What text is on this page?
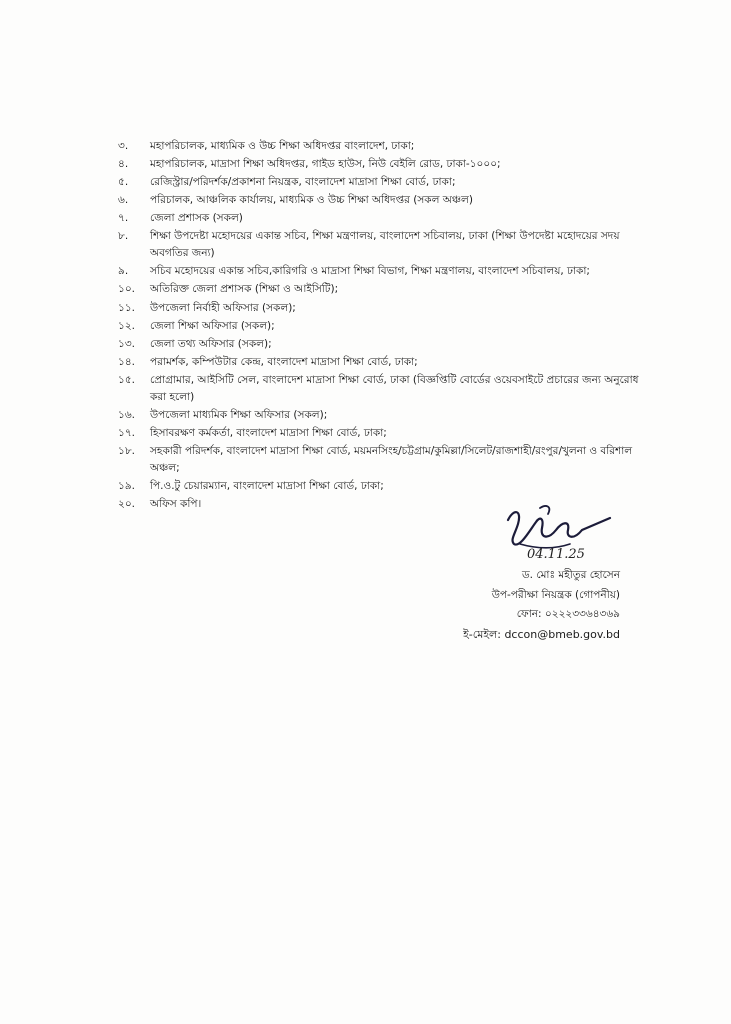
৩.	মহাপরিচালক, মাধ্যমিক ও উচ্চ শিক্ষা অধিদপ্তর বাংলাদেশ, ঢাকা;
৪.	মহাপরিচালক, মাদ্রাসা শিক্ষা অধিদপ্তর, গাইড হাউস, নিউ বেইলি রোড, ঢাকা-১০০০;
৫.	রেজিস্ট্রার/পরিদর্শক/প্রকাশনা নিয়ন্ত্রক, বাংলাদেশ মাদ্রাসা শিক্ষা বোর্ড, ঢাকা;
৬.	পরিচালক, আঞ্চলিক কার্যালয়, মাধ্যমিক ও উচ্চ শিক্ষা অধিদপ্তর (সকল অঞ্চল)
৭.	জেলা প্রশাসক (সকল)
৮.	শিক্ষা উপদেষ্টা মহোদয়ের একান্ত সচিব, শিক্ষা মন্ত্রণালয়, বাংলাদেশ সচিবালয়, ঢাকা (শিক্ষা উপদেষ্টা মহোদয়ের সদয় অবগতির জন্য)
৯.	সচিব মহোদয়ের একান্ত সচিব,কারিগরি ও মাদ্রাসা শিক্ষা বিভাগ, শিক্ষা মন্ত্রণালয়, বাংলাদেশ সচিবালয়, ঢাকা;
১০.	অতিরিক্ত জেলা প্রশাসক (শিক্ষা ও আইসিটি);
১১.	উপজেলা নির্বাহী অফিসার (সকল);
১২.	জেলা শিক্ষা অফিসার (সকল);
১৩.	জেলা তথ্য অফিসার (সকল);
১৪.	পরামর্শক, কম্পিউটার কেন্দ্র, বাংলাদেশ মাদ্রাসা শিক্ষা বোর্ড, ঢাকা;
১৫.	প্রোগ্রামার, আইসিটি সেল, বাংলাদেশ মাদ্রাসা শিক্ষা বোর্ড, ঢাকা (বিজ্ঞপ্তিটি বোর্ডের ওয়েবসাইটে প্রচারের জন্য অনুরোধ করা হলো)
১৬.	উপজেলা মাধ্যমিক শিক্ষা অফিসার (সকল);
১৭.	হিসাবরক্ষণ কর্মকর্তা, বাংলাদেশ মাদ্রাসা শিক্ষা বোর্ড, ঢাকা;
১৮.	সহকারী পরিদর্শক, বাংলাদেশ মাদ্রাসা শিক্ষা বোর্ড, ময়মনসিংহ/চট্টগ্রাম/কুমিল্লা/সিলেট/রাজশাহী/রংপুর/খুলনা ও বরিশাল অঞ্চল;
১৯.	পি.ও.টু চেয়ারম্যান, বাংলাদেশ মাদ্রাসা শিক্ষা বোর্ড, ঢাকা;
২০.	অফিস কপি।
04.11.25
ড. মোঃ মহীতুর হোসেন
উপ-পরীক্ষা নিয়ন্ত্রক (গোপনীয়)
ফোন: ০২২২৩৩৬৪৩৬৯
ই-মেইল: dccon@bmeb.gov.bd
